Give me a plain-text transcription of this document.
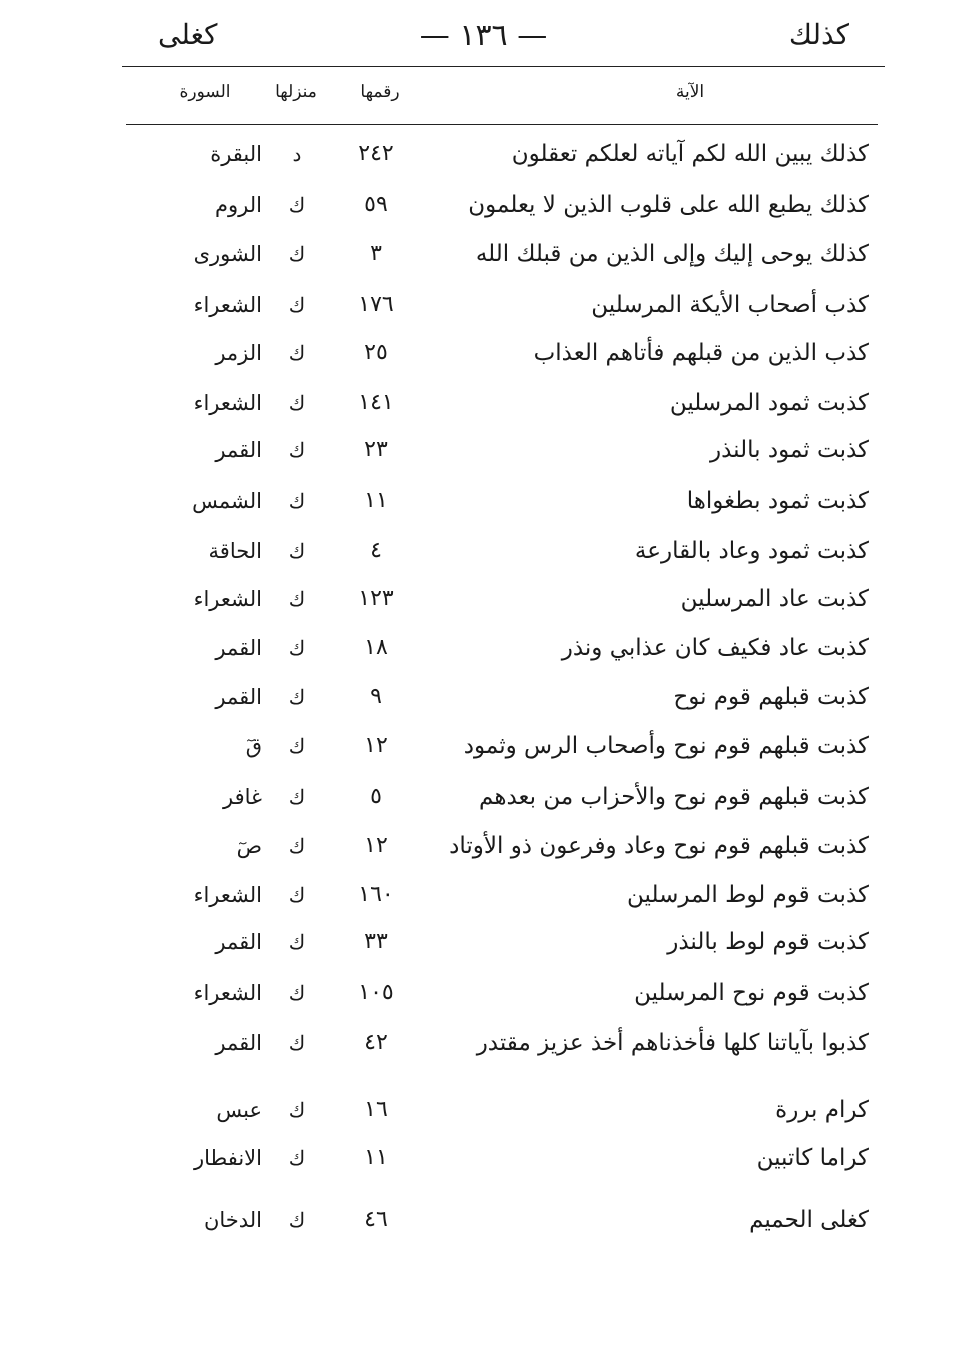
كذلك
— ١٣٦ —
كغلى
الآية
رقمها
منزلها
السورة
كذلك يبين الله لكم آياته لعلكم تعقلون
٢٤٢
د
البقرة
كذلك يطبع الله على قلوب الذين لا يعلمون
٥٩
ك
الروم
كذلك يوحى إليك وإلى الذين من قبلك الله
٣
ك
الشورى
كذب أصحاب الأيكة المرسلين
١٧٦
ك
الشعراء
كذب الذين من قبلهم فأتاهم العذاب
٢٥
ك
الزمر
كذبت ثمود المرسلين
١٤١
ك
الشعراء
كذبت ثمود بالنذر
٢٣
ك
القمر
كذبت ثمود بطغواها
١١
ك
الشمس
كذبت ثمود وعاد بالقارعة
٤
ك
الحاقة
كذبت عاد المرسلين
١٢٣
ك
الشعراء
كذبت عاد فكيف كان عذابي ونذر
١٨
ك
القمر
كذبت قبلهم قوم نوح
٩
ك
القمر
كذبت قبلهم قوم نوح وأصحاب الرس وثمود
١٢
ك
قٓ
كذبت قبلهم قوم نوح والأحزاب من بعدهم
٥
ك
غافر
كذبت قبلهم قوم نوح وعاد وفرعون ذو الأوتاد
١٢
ك
صٓ
كذبت قوم لوط المرسلين
١٦٠
ك
الشعراء
كذبت قوم لوط بالنذر
٣٣
ك
القمر
كذبت قوم نوح المرسلين
١٠٥
ك
الشعراء
كذبوا بآياتنا كلها فأخذناهم أخذ عزيز مقتدر
٤٢
ك
القمر
كرام بررة
١٦
ك
عبس
كراما كاتبين
١١
ك
الانفطار
كغلى الحميم
٤٦
ك
الدخان
